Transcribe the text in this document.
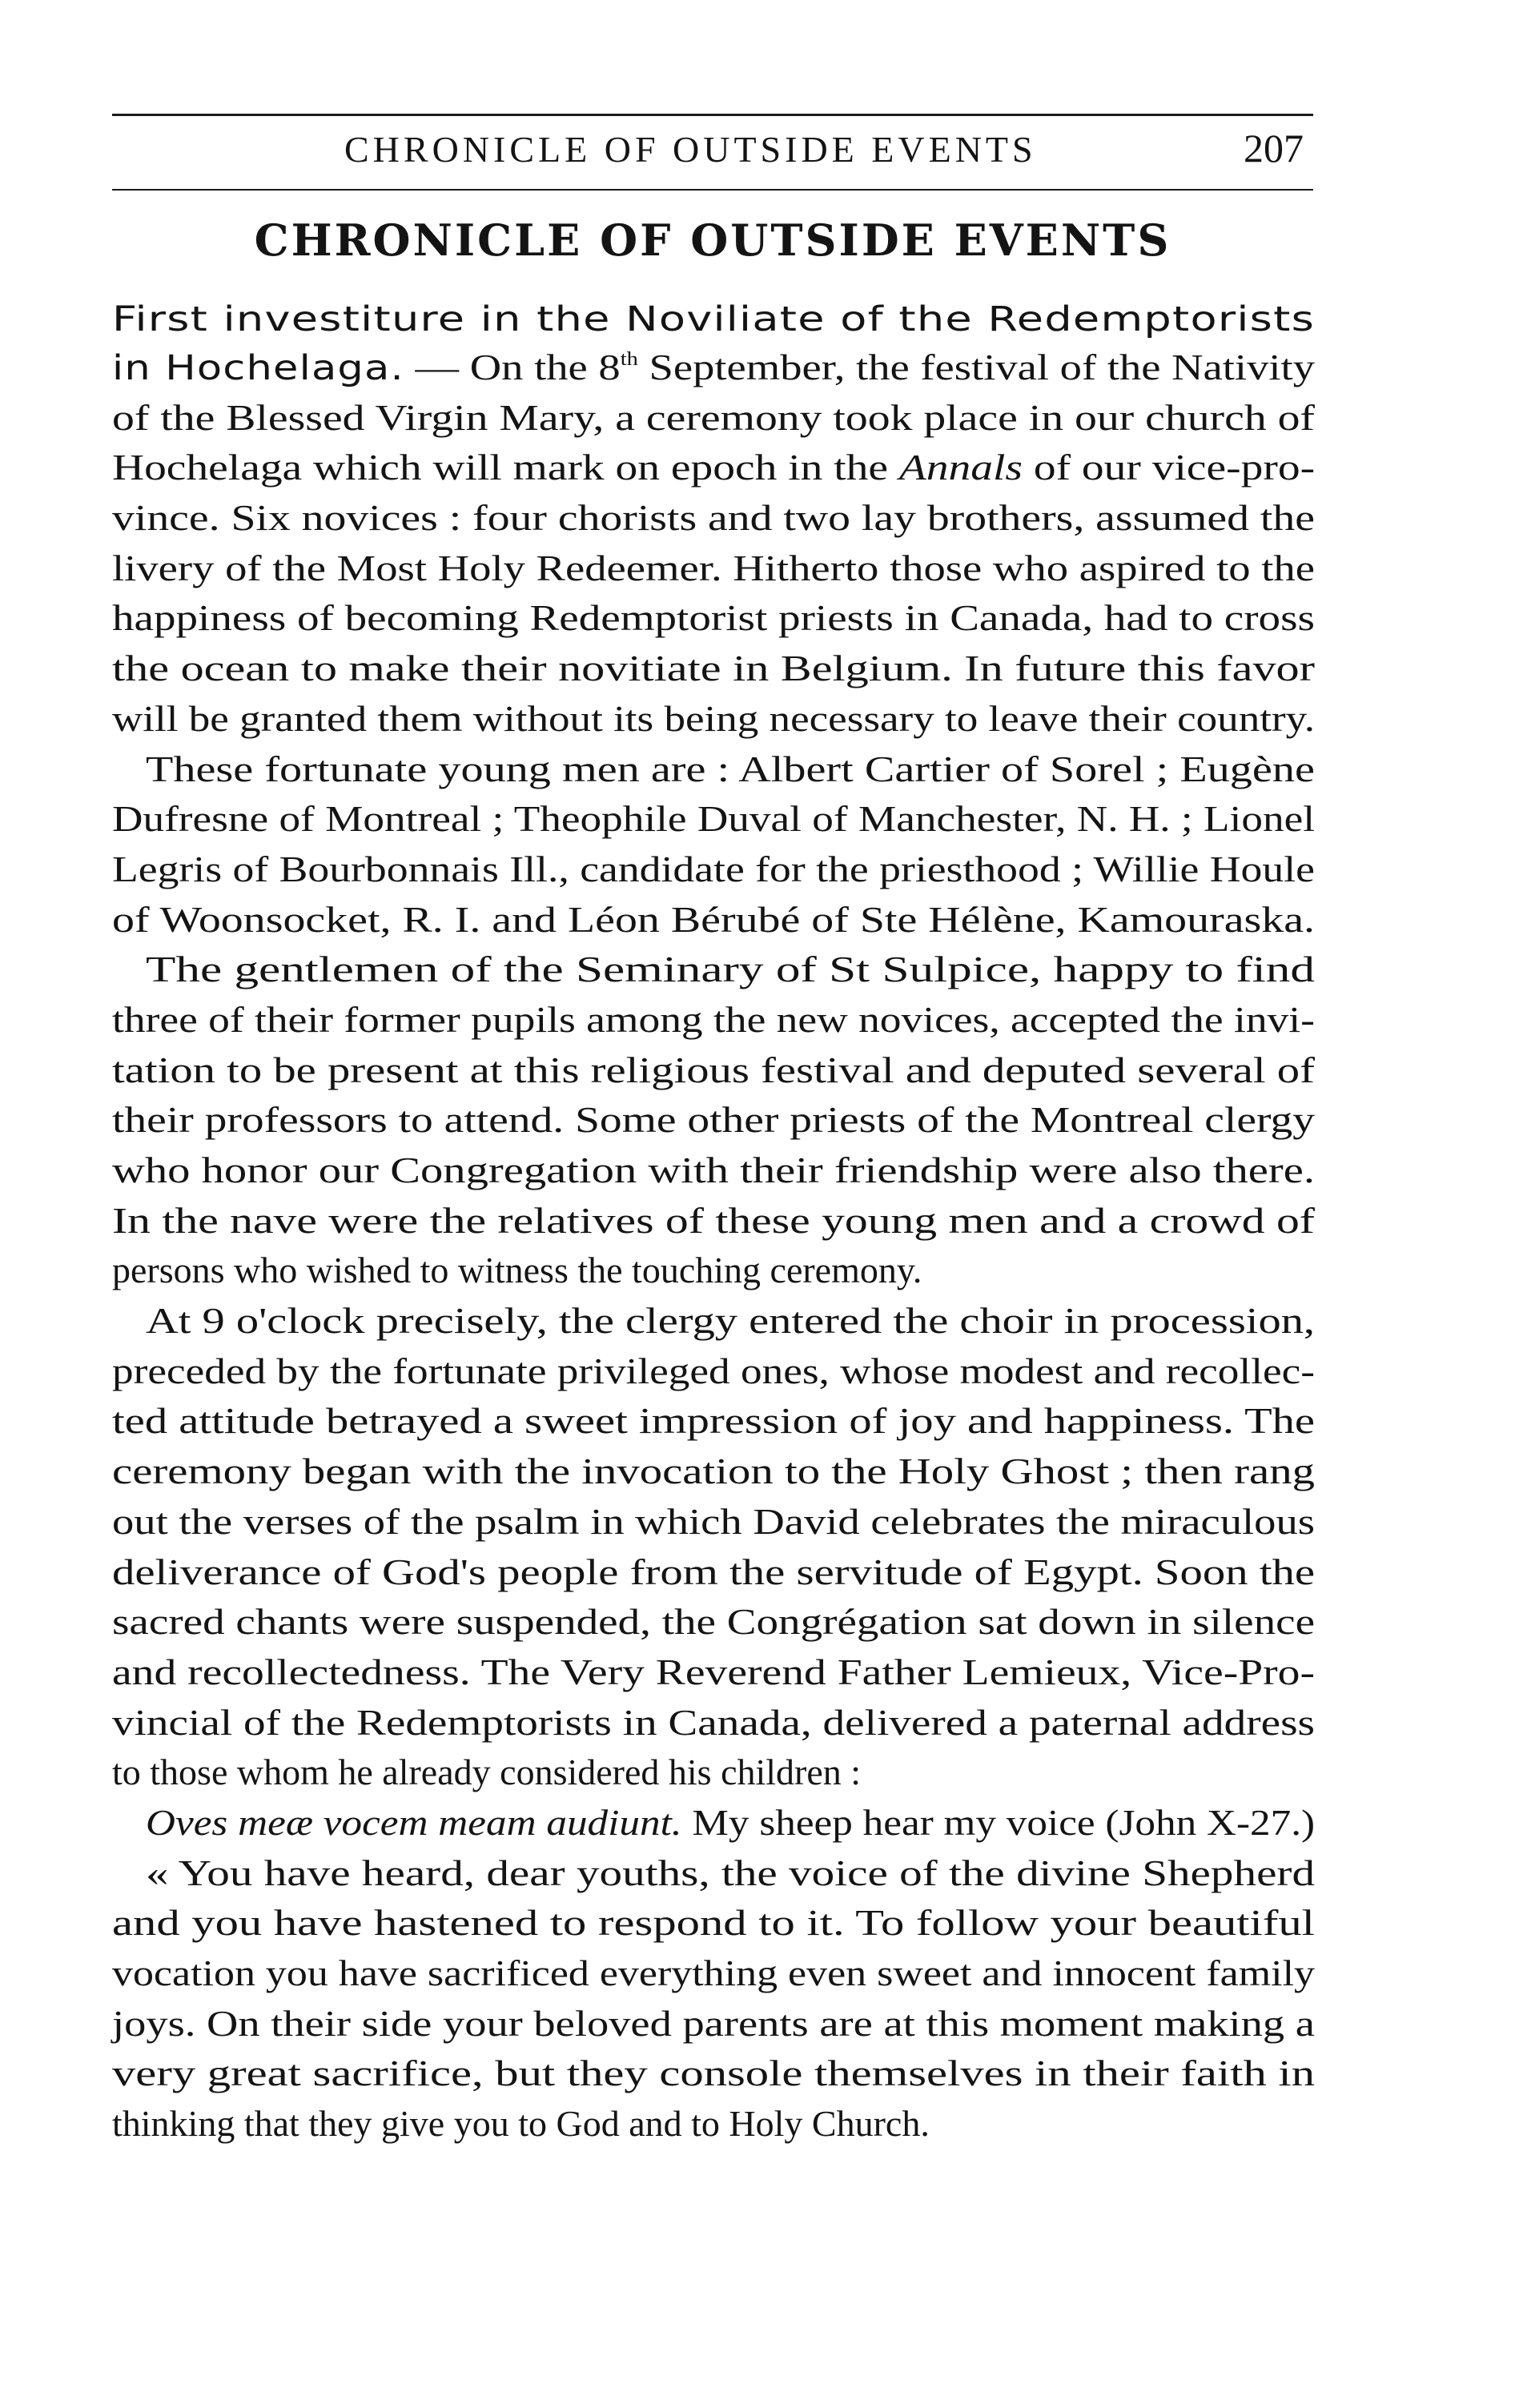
CHRONICLE OF OUTSIDE EVENTS	207
CHRONICLE OF OUTSIDE EVENTS
First investiture in the Noviliate of the Redemptorists
in Hochelaga. — On the 8th September, the festival of the Nativity
of the Blessed Virgin Mary, a ceremony took place in our church of
Hochelaga which will mark on epoch in the Annals of our vice-pro-
vince. Six novices : four chorists and two lay brothers, assumed the
livery of the Most Holy Redeemer. Hitherto those who aspired to the
happiness of becoming Redemptorist priests in Canada, had to cross
the ocean to make their novitiate in Belgium. In future this favor
will be granted them without its being necessary to leave their country.
These fortunate young men are : Albert Cartier of Sorel ; Eugène
Dufresne of Montreal ; Theophile Duval of Manchester, N. H. ; Lionel
Legris of Bourbonnais Ill., candidate for the priesthood ; Willie Houle
of Woonsocket, R. I. and Léon Bérubé of Ste Hélène, Kamouraska.
The gentlemen of the Seminary of St Sulpice, happy to find
three of their former pupils among the new novices, accepted the invi-
tation to be present at this religious festival and deputed several of
their professors to attend. Some other priests of the Montreal clergy
who honor our Congregation with their friendship were also there.
In the nave were the relatives of these young men and a crowd of
persons who wished to witness the touching ceremony.
At 9 o'clock precisely, the clergy entered the choir in procession,
preceded by the fortunate privileged ones, whose modest and recollec-
ted attitude betrayed a sweet impression of joy and happiness. The
ceremony began with the invocation to the Holy Ghost ; then rang
out the verses of the psalm in which David celebrates the miraculous
deliverance of God's people from the servitude of Egypt. Soon the
sacred chants were suspended, the Congrégation sat down in silence
and recollectedness. The Very Reverend Father Lemieux, Vice-Pro-
vincial of the Redemptorists in Canada, delivered a paternal address
to those whom he already considered his children :
Oves meæ vocem meam audiunt. My sheep hear my voice (John X-27.)
« You have heard, dear youths, the voice of the divine Shepherd
and you have hastened to respond to it. To follow your beautiful
vocation you have sacrificed everything even sweet and innocent family
joys. On their side your beloved parents are at this moment making a
very great sacrifice, but they console themselves in their faith in
thinking that they give you to God and to Holy Church.
